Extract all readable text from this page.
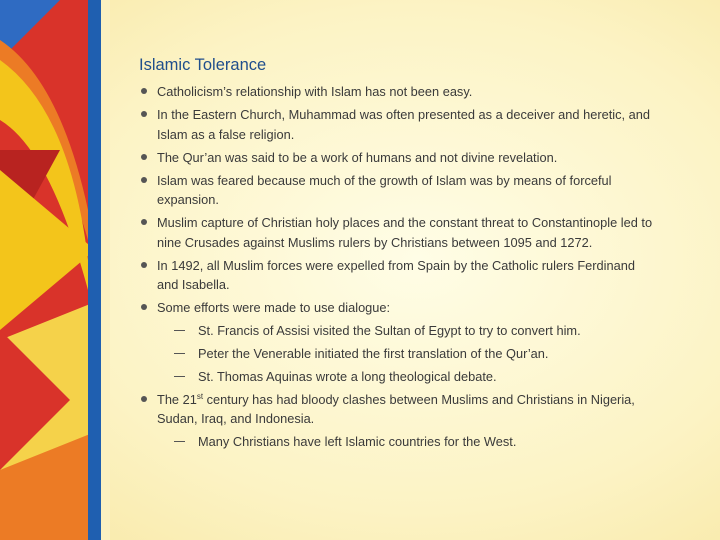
Islamic Tolerance
Catholicism’s relationship with Islam has not been easy.
In the Eastern Church, Muhammad was often presented as a deceiver and heretic, and Islam as a false religion.
The Qur’an was said to be a work of humans and not divine revelation.
Islam was feared because much of the growth of Islam was by means of forceful expansion.
Muslim capture of Christian holy places and the constant threat to Constantinople led to nine Crusades against Muslims rulers by Christians between 1095 and 1272.
In 1492, all Muslim forces were expelled from Spain by the Catholic rulers Ferdinand and Isabella.
Some efforts were made to use dialogue:
St. Francis of Assisi visited the Sultan of Egypt to try to convert him.
Peter the Venerable initiated the first translation of the Qur’an.
St. Thomas Aquinas wrote a long theological debate.
The 21st century has had bloody clashes between Muslims and Christians in Nigeria, Sudan, Iraq, and Indonesia.
Many Christians have left Islamic countries for the West.
